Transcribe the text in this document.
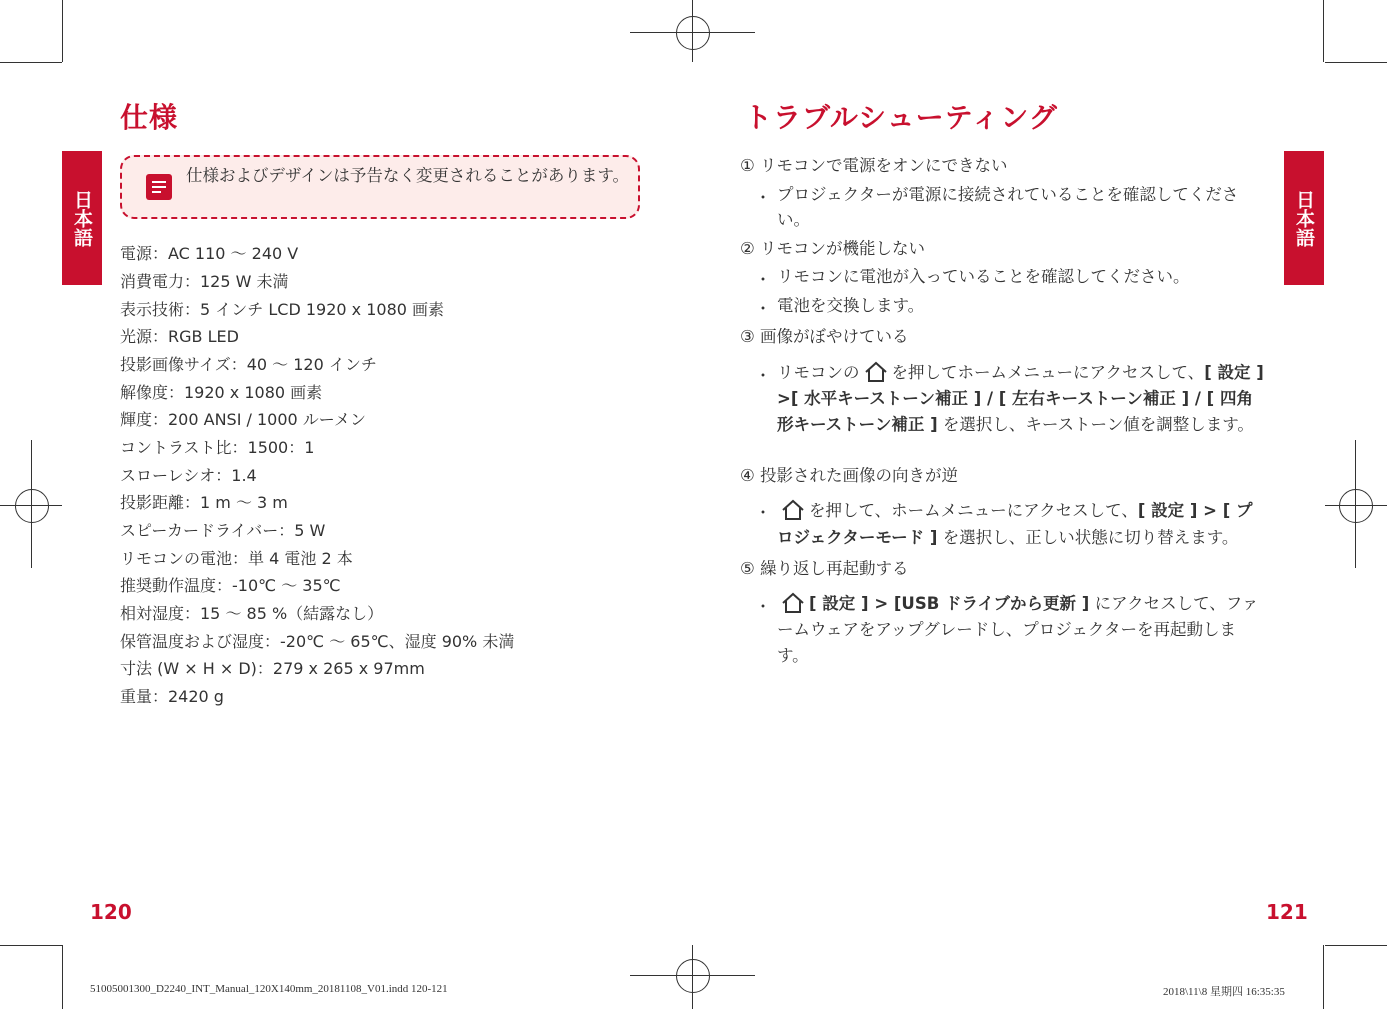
日本語	日本語
仕様
仕様およびデザインは予告なく変更されることがあります。
電源：AC 110 ～ 240 V
消費電力：125 W 未満
表示技術：5 インチ LCD 1920 x 1080 画素
光源：RGB LED
投影画像サイズ：40 ～ 120 インチ
解像度：1920 x 1080 画素
輝度：200 ANSI / 1000 ルーメン
コントラスト比：1500：1
スローレシオ：1.4
投影距離：1 m ～ 3 m
スピーカードライバー：5 W
リモコンの電池：単 4 電池 2 本
推奨動作温度：-10℃ ～ 35℃
相対湿度：15 ～ 85 %（結露なし）
保管温度および湿度：-20℃ ～ 65℃、湿度 90% 未満
寸法 (W × H × D)：279 x 265 x 97mm
重量：2420 g
120
トラブルシューティング
① リモコンで電源をオンにできない
・ プロジェクターが電源に接続されていることを確認してください。
② リモコンが機能しない
・ リモコンに電池が入っていることを確認してください。
・ 電池を交換します。
③ 画像がぼやけている
・ リモコンの を押してホームメニューにアクセスして、[ 設定 ] >[ 水平キーストーン補正 ] / [ 左右キーストーン補正 ] / [ 四角形キーストーン補正 ] を選択し、キーストーン値を調整します。
④ 投影された画像の向きが逆
・	を押して、ホームメニューにアクセスして、[ 設定 ] > [ プロジェクターモード ] を選択し、正しい状態に切り替えます。
⑤ 繰り返し再起動する
・	[ 設定 ] > [USB ドライブから更新 ] にアクセスして、ファームウェアをアップグレードし、プロジェクターを再起動します。
121
51005001300_D2240_INT_Manual_120X140mm_20181108_V01.indd 120-121	2018\11\8 星期四 16:35:35
